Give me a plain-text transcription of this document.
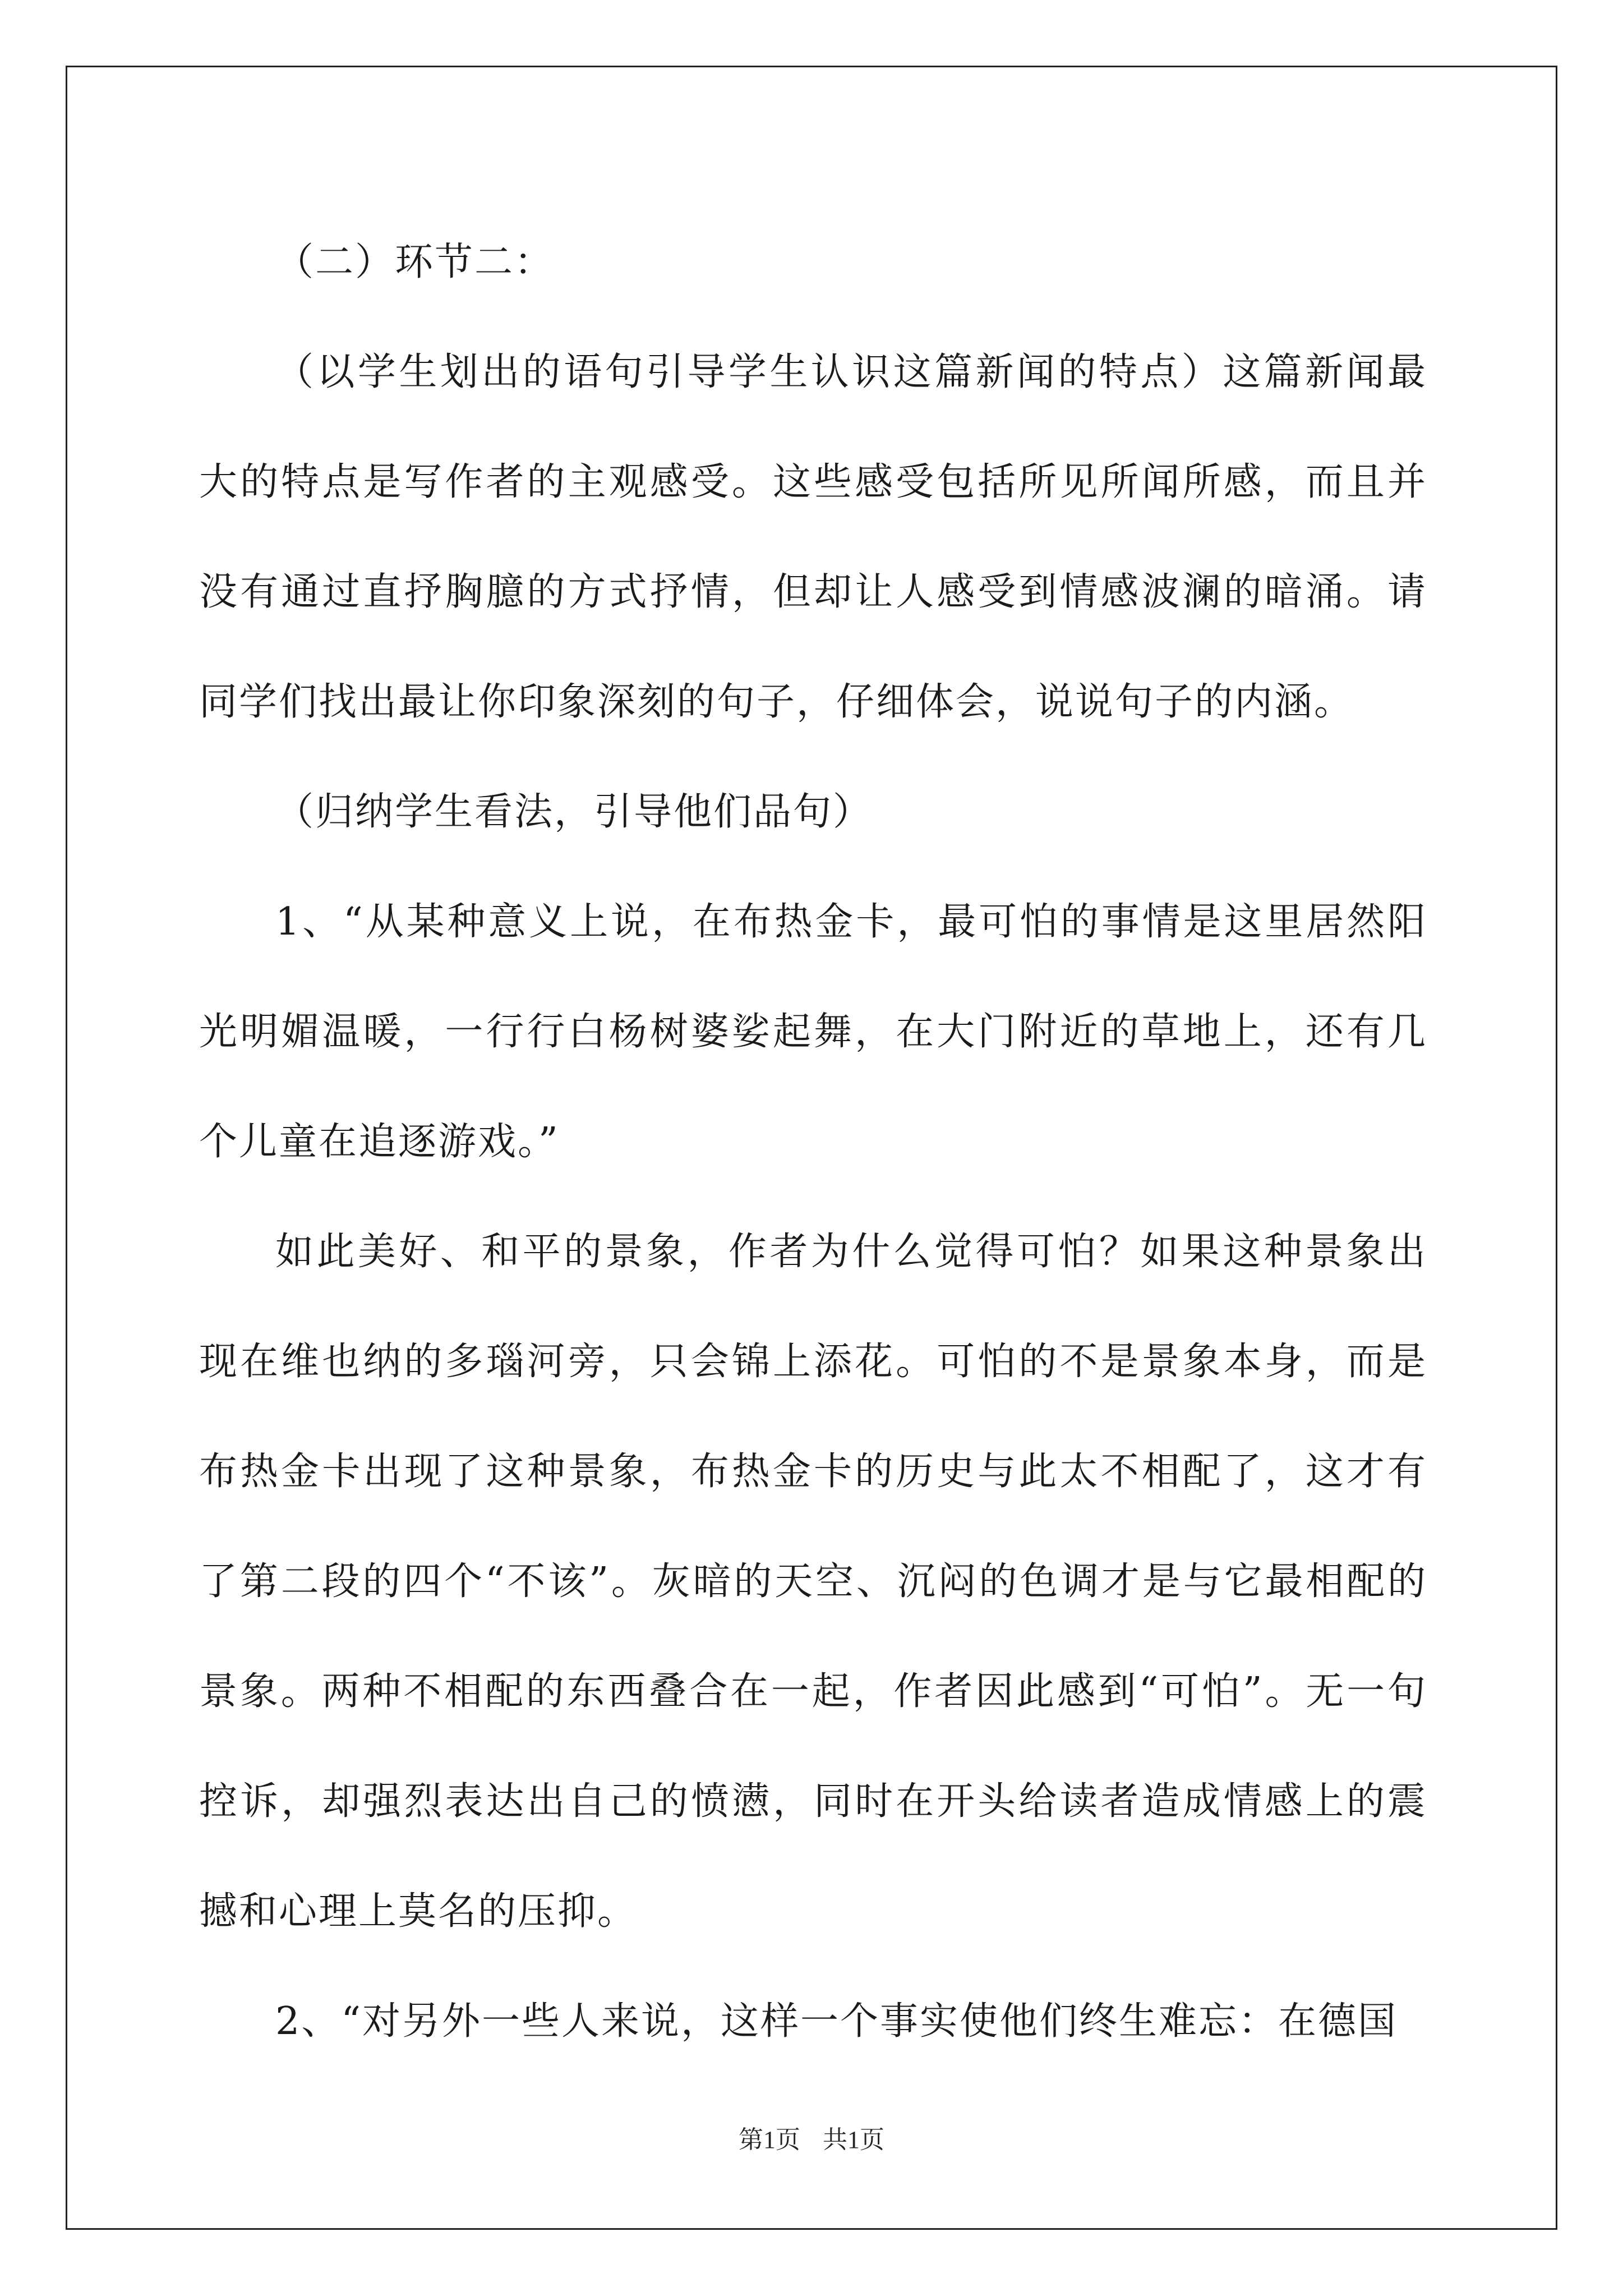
（二）环节二：

（以学生划出的语句引导学生认识这篇新闻的特点）这篇新闻最大的特点是写作者的主观感受。这些感受包括所见所闻所感，而且并没有通过直抒胸臆的方式抒情，但却让人感受到情感波澜的暗涌。请同学们找出最让你印象深刻的句子，仔细体会，说说句子的内涵。

（归纳学生看法，引导他们品句）

1、“从某种意义上说，在布热金卡，最可怕的事情是这里居然阳光明媚温暖，一行行白杨树婆娑起舞，在大门附近的草地上，还有几个儿童在追逐游戏。”

如此美好、和平的景象，作者为什么觉得可怕？如果这种景象出现在维也纳的多瑙河旁，只会锦上添花。可怕的不是景象本身，而是布热金卡出现了这种景象，布热金卡的历史与此太不相配了，这才有了第二段的四个“不该”。灰暗的天空、沉闷的色调才是与它最相配的景象。两种不相配的东西叠合在一起，作者因此感到“可怕”。无一句控诉，却强烈表达出自己的愤懑，同时在开头给读者造成情感上的震撼和心理上莫名的压抑。

2、“对另外一些人来说，这样一个事实使他们终生难忘：在德国

第1页 共1页
